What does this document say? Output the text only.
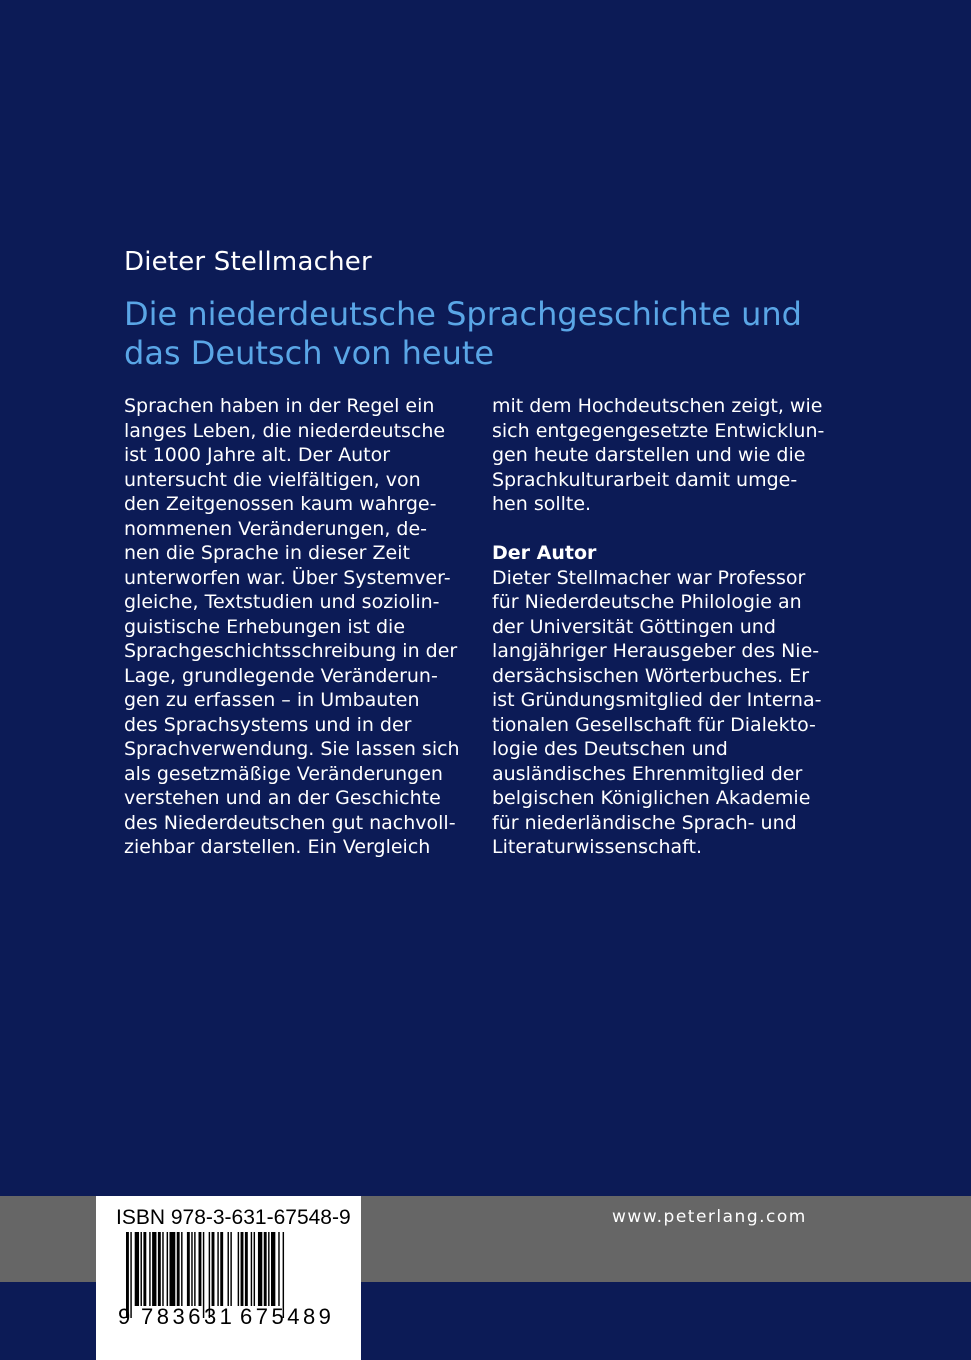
Dieter Stellmacher
Die niederdeutsche Sprachgeschichte und das Deutsch von heute
Sprachen haben in der Regel ein
langes Leben, die niederdeutsche
ist 1000 Jahre alt. Der Autor
untersucht die vielfältigen, von
den Zeitgenossen kaum wahrge-
nommenen Veränderungen, de-
nen die Sprache in dieser Zeit
unterworfen war. Über Systemver-
gleiche, Textstudien und soziolin-
guistische Erhebungen ist die
Sprachgeschichtsschreibung in der
Lage, grundlegende Veränderun-
gen zu erfassen – in Umbauten
des Sprachsystems und in der
Sprachverwendung. Sie lassen sich
als gesetzmäßige Veränderungen
verstehen und an der Geschichte
des Niederdeutschen gut nachvoll-
ziehbar darstellen. Ein Vergleich
mit dem Hochdeutschen zeigt, wie
sich entgegengesetzte Entwicklun-
gen heute darstellen und wie die
Sprachkulturarbeit damit umge-
hen sollte.
Der Autor
Dieter Stellmacher war Professor
für Niederdeutsche Philologie an
der Universität Göttingen und
langjähriger Herausgeber des Nie-
dersächsischen Wörterbuches. Er
ist Gründungsmitglied der Interna-
tionalen Gesellschaft für Dialekto-
logie des Deutschen und
ausländisches Ehrenmitglied der
belgischen Königlichen Akademie
für niederländische Sprach- und
Literaturwissenschaft.
www.peterlang.com
ISBN 978-3-631-67548-9
9 783631 675489
